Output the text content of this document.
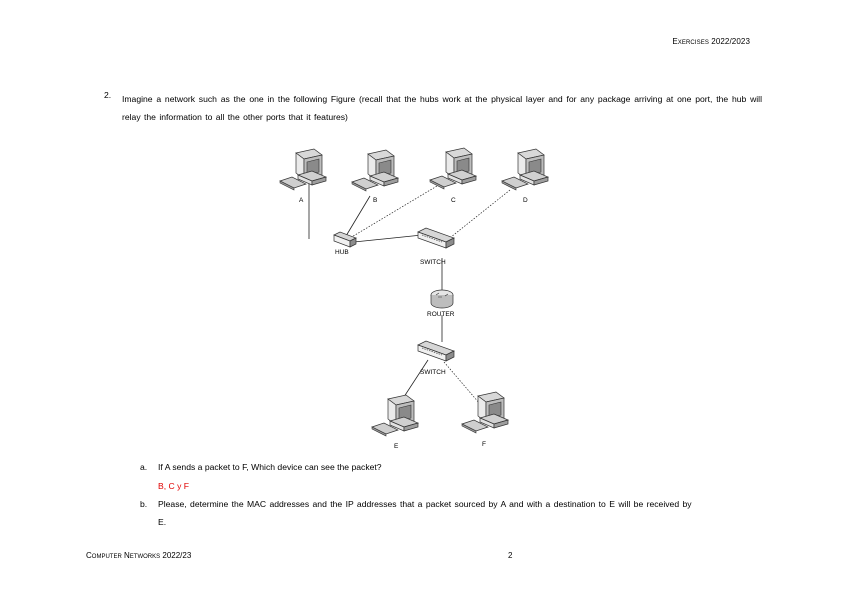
EXERCISES 2022/2023
2. Imagine a network such as the one in the following Figure (recall that the hubs work at the physical layer and for any package arriving at one port, the hub will relay the information to all the other ports that it features)
A	B	C	D
HUB
SWITCH
ROUTER
SWITCH
E	F
a. If A sends a packet to F, Which device can see the packet?
B, C y F
b. Please, determine the MAC addresses and the IP addresses that a packet sourced by A and with a destination to E will be received by
E.
COMPUTER NETWORKS 2022/23	2
